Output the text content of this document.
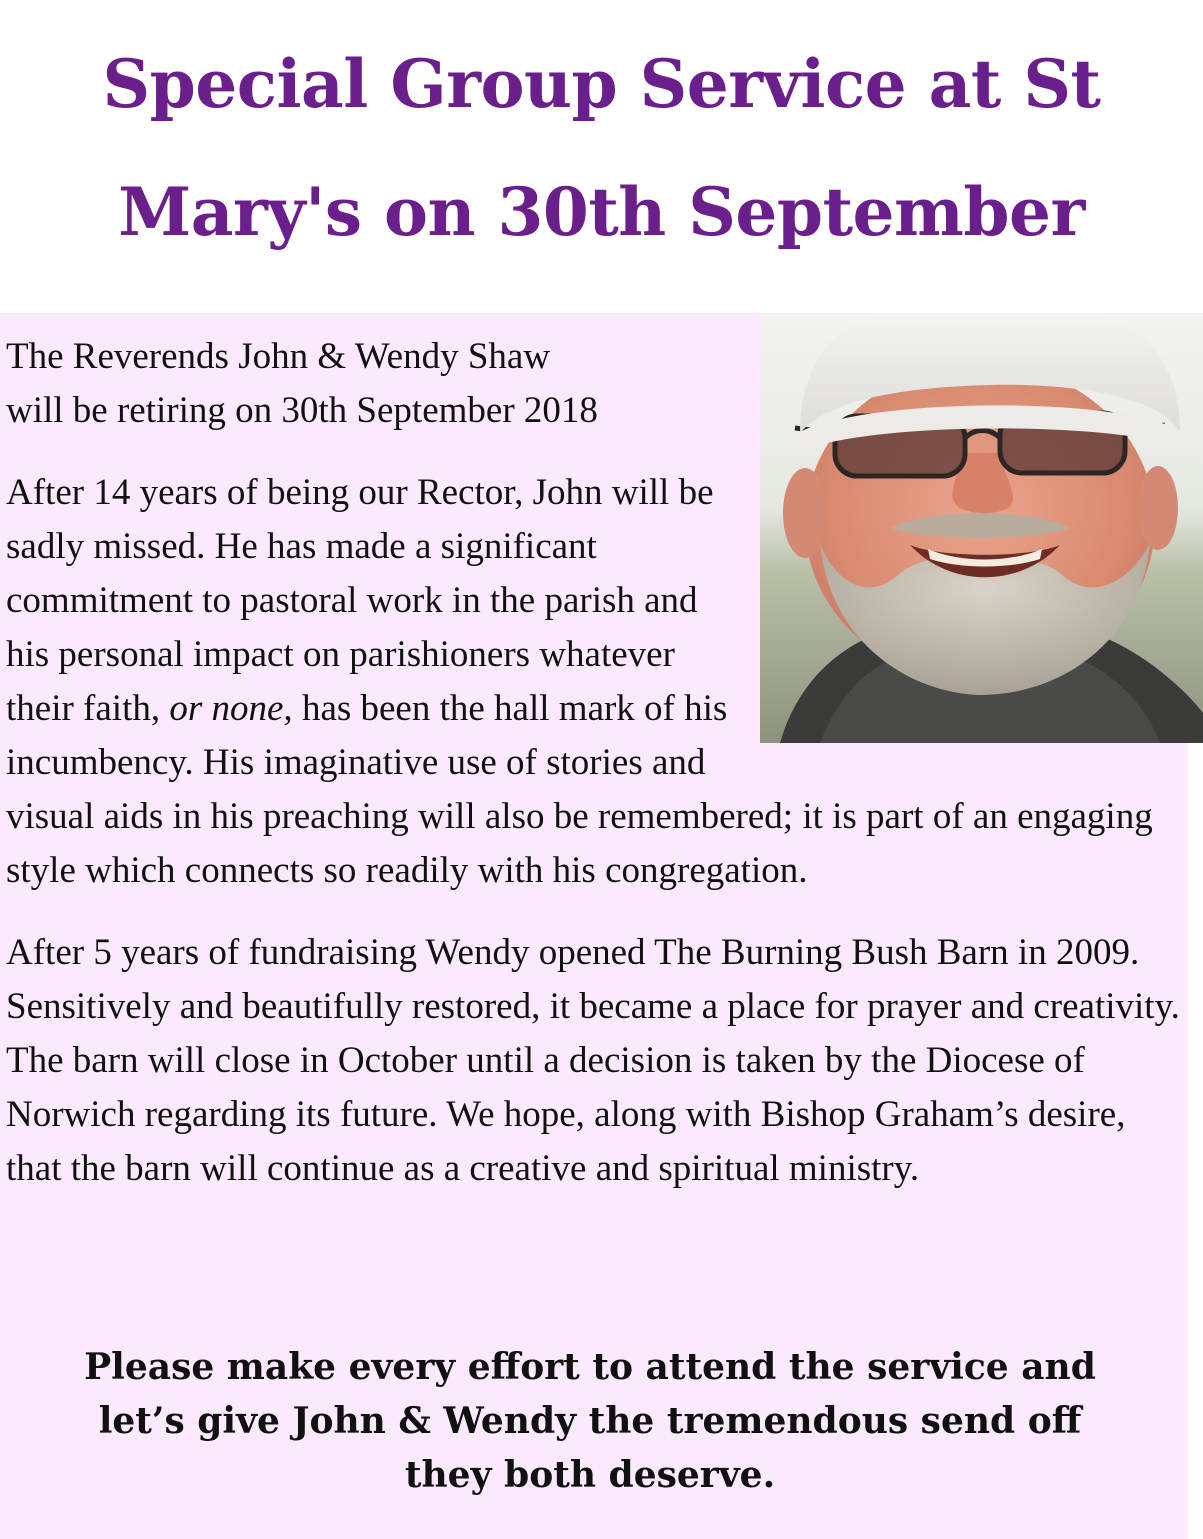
Special Group Service at St Mary's on 30th September

The Reverends John & Wendy Shaw
will be retiring on 30th September 2018

After 14 years of being our Rector, John will be sadly missed. He has made a significant commitment to pastoral work in the parish and his personal impact on parishioners whatever their faith, or none, has been the hall mark of his incumbency. His imaginative use of stories and visual aids in his preaching will also be remembered; it is part of an engaging style which connects so readily with his congregation.

After 5 years of fundraising Wendy opened The Burning Bush Barn in 2009. Sensitively and beautifully restored, it became a place for prayer and creativity. The barn will close in October until a decision is taken by the Diocese of Norwich regarding its future. We hope, along with Bishop Graham’s desire, that the barn will continue as a creative and spiritual ministry.

Please make every effort to attend the service and
let’s give John & Wendy the tremendous send off
they both deserve.
